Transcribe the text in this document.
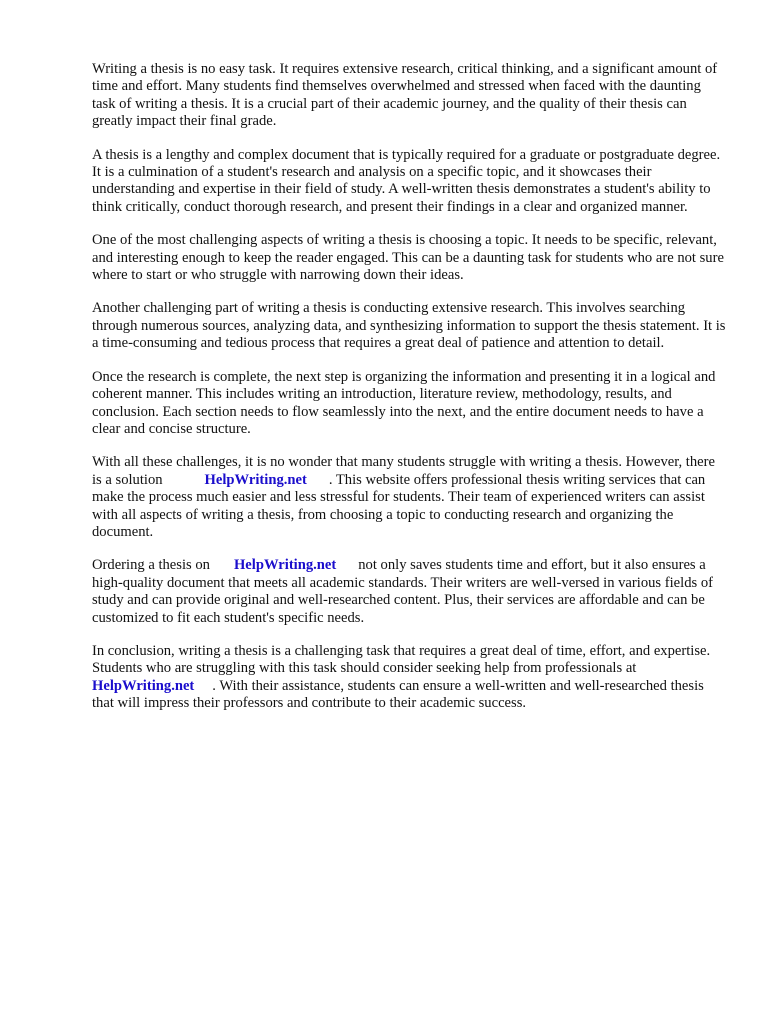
Writing a thesis is no easy task. It requires extensive research, critical thinking, and a significant amount of time and effort. Many students find themselves overwhelmed and stressed when faced with the daunting task of writing a thesis. It is a crucial part of their academic journey, and the quality of their thesis can greatly impact their final grade.

A thesis is a lengthy and complex document that is typically required for a graduate or postgraduate degree. It is a culmination of a student's research and analysis on a specific topic, and it showcases their understanding and expertise in their field of study. A well-written thesis demonstrates a student's ability to think critically, conduct thorough research, and present their findings in a clear and organized manner.

One of the most challenging aspects of writing a thesis is choosing a topic. It needs to be specific, relevant, and interesting enough to keep the reader engaged. This can be a daunting task for students who are not sure where to start or who struggle with narrowing down their ideas.

Another challenging part of writing a thesis is conducting extensive research. This involves searching through numerous sources, analyzing data, and synthesizing information to support the thesis statement. It is a time-consuming and tedious process that requires a great deal of patience and attention to detail.

Once the research is complete, the next step is organizing the information and presenting it in a logical and coherent manner. This includes writing an introduction, literature review, methodology, results, and conclusion. Each section needs to flow seamlessly into the next, and the entire document needs to have a clear and concise structure.

With all these challenges, it is no wonder that many students struggle with writing a thesis. However, there is a solution	HelpWriting.net . This website offers professional thesis writing services that can make the process much easier and less stressful for students. Their team of experienced writers can assist with all aspects of writing a thesis, from choosing a topic to conducting research and organizing the document.

Ordering a thesis on HelpWriting.net not only saves students time and effort, but it also ensures a high-quality document that meets all academic standards. Their writers are well-versed in various fields of study and can provide original and well-researched content. Plus, their services are affordable and can be customized to fit each student's specific needs.

In conclusion, writing a thesis is a challenging task that requires a great deal of time, effort, and expertise. Students who are struggling with this task should consider seeking help from professionals atHelpWriting.net . With their assistance, students can ensure a well-written and well-researched thesis that will impress their professors and contribute to their academic success.
